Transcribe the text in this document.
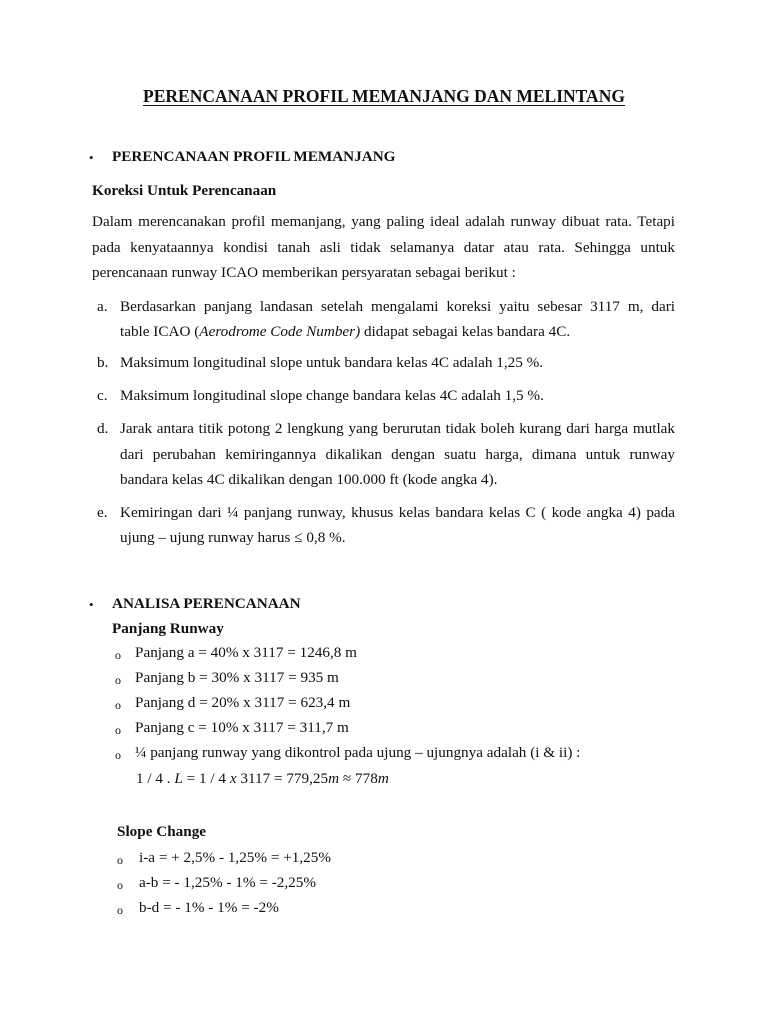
PERENCANAAN PROFIL MEMANJANG DAN MELINTANG
• PERENCANAAN PROFIL MEMANJANG
Koreksi Untuk Perencanaan
Dalam merencanakan profil memanjang, yang paling ideal adalah runway dibuat rata. Tetapi
pada kenyataannya kondisi tanah asli tidak selamanya datar atau rata. Sehingga untuk
perencanaan runway ICAO memberikan persyaratan sebagai berikut :
a. Berdasarkan panjang landasan setelah mengalami koreksi yaitu sebesar 3117 m, dari
table ICAO (Aerodrome Code Number) didapat sebagai kelas bandara 4C.
b. Maksimum longitudinal slope untuk bandara kelas 4C adalah 1,25 %.
c. Maksimum longitudinal slope change bandara kelas 4C adalah 1,5 %.
d. Jarak antara titik potong 2 lengkung yang berurutan tidak boleh kurang dari harga mutlak
dari perubahan kemiringannya dikalikan dengan suatu harga, dimana untuk runway
bandara kelas 4C dikalikan dengan 100.000 ft (kode angka 4).
e. Kemiringan dari ¼ panjang runway, khusus kelas bandara kelas C ( kode angka 4) pada
ujung – ujung runway harus ≤ 0,8 %.
• ANALISA PERENCANAAN
Panjang Runway
o Panjang a = 40% x 3117 = 1246,8 m
o Panjang b = 30% x 3117 = 935 m
o Panjang d = 20% x 3117 = 623,4 m
o Panjang c = 10% x 3117 = 311,7 m
o ¼ panjang runway yang dikontrol pada ujung – ujungnya adalah (i & ii) :
1 / 4 . L = 1 / 4 x 3117 = 779,25m ≈ 778m
Slope Change
o i-a = + 2,5% - 1,25% = +1,25%
o a-b = - 1,25% - 1% = -2,25%
o b-d = - 1% - 1% = -2%
